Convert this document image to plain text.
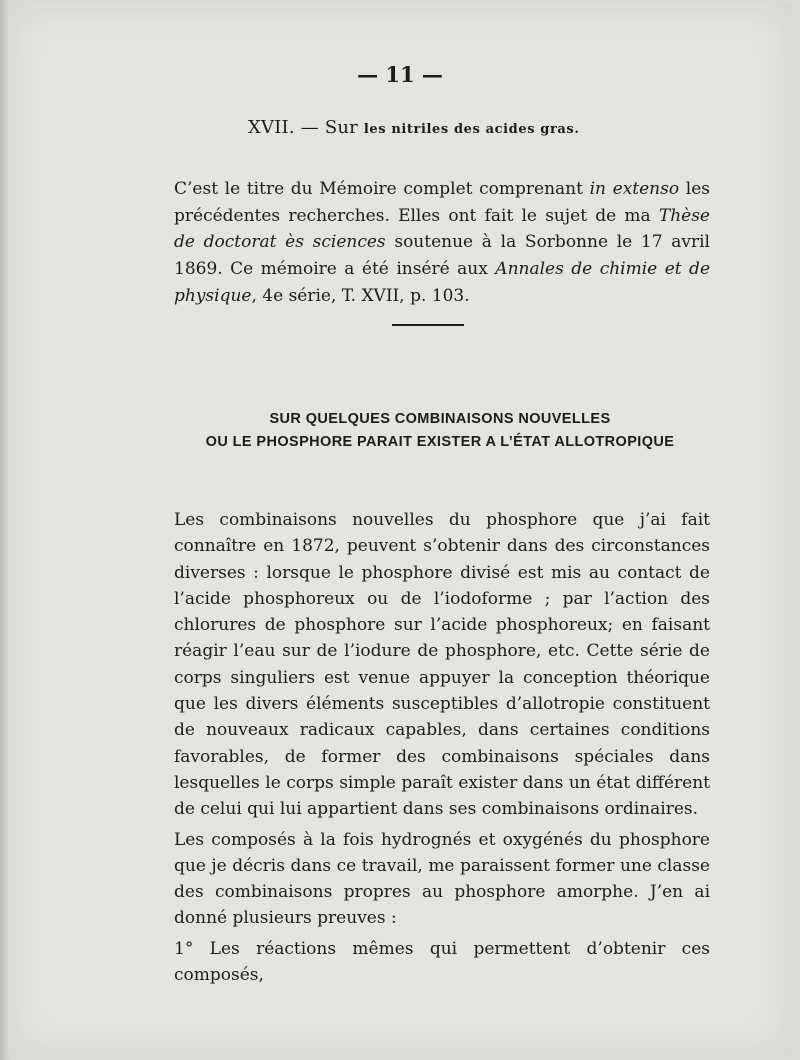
— 11 —
XVII. — Sur les nitriles des acides gras.

C’est le titre du Mémoire complet comprenant in extenso les précédentes recherches. Elles ont fait le sujet de ma Thèse de doctorat ès sciences soutenue à la Sorbonne le 17 avril 1869. Ce mémoire a été inséré aux Annales de chimie et de physique, 4e série, T. XVII, p. 103.

SUR QUELQUES COMBINAISONS NOUVELLES
OU LE PHOSPHORE PARAIT EXISTER A L’ÉTAT ALLOTROPIQUE

Les combinaisons nouvelles du phosphore que j’ai fait connaître en 1872, peuvent s’obtenir dans des circonstances diverses : lorsque le phosphore divisé est mis au contact de l’acide phosphoreux ou de l’iodoforme ; par l’action des chlorures de phosphore sur l’acide phosphoreux; en faisant réagir l’eau sur de l’iodure de phosphore, etc. Cette série de corps singuliers est venue appuyer la conception théorique que les divers éléments susceptibles d’allotropie constituent de nouveaux radicaux capables, dans certaines conditions favorables, de former des combinaisons spéciales dans lesquelles le corps simple paraît exister dans un état différent de celui qui lui appartient dans ses combinaisons ordinaires.

Les composés à la fois hydrognés et oxygénés du phosphore que je décris dans ce travail, me paraissent former une classe des combinaisons propres au phosphore amorphe. J’en ai donné plusieurs preuves :

1° Les réactions mêmes qui permettent d’obtenir ces composés,
